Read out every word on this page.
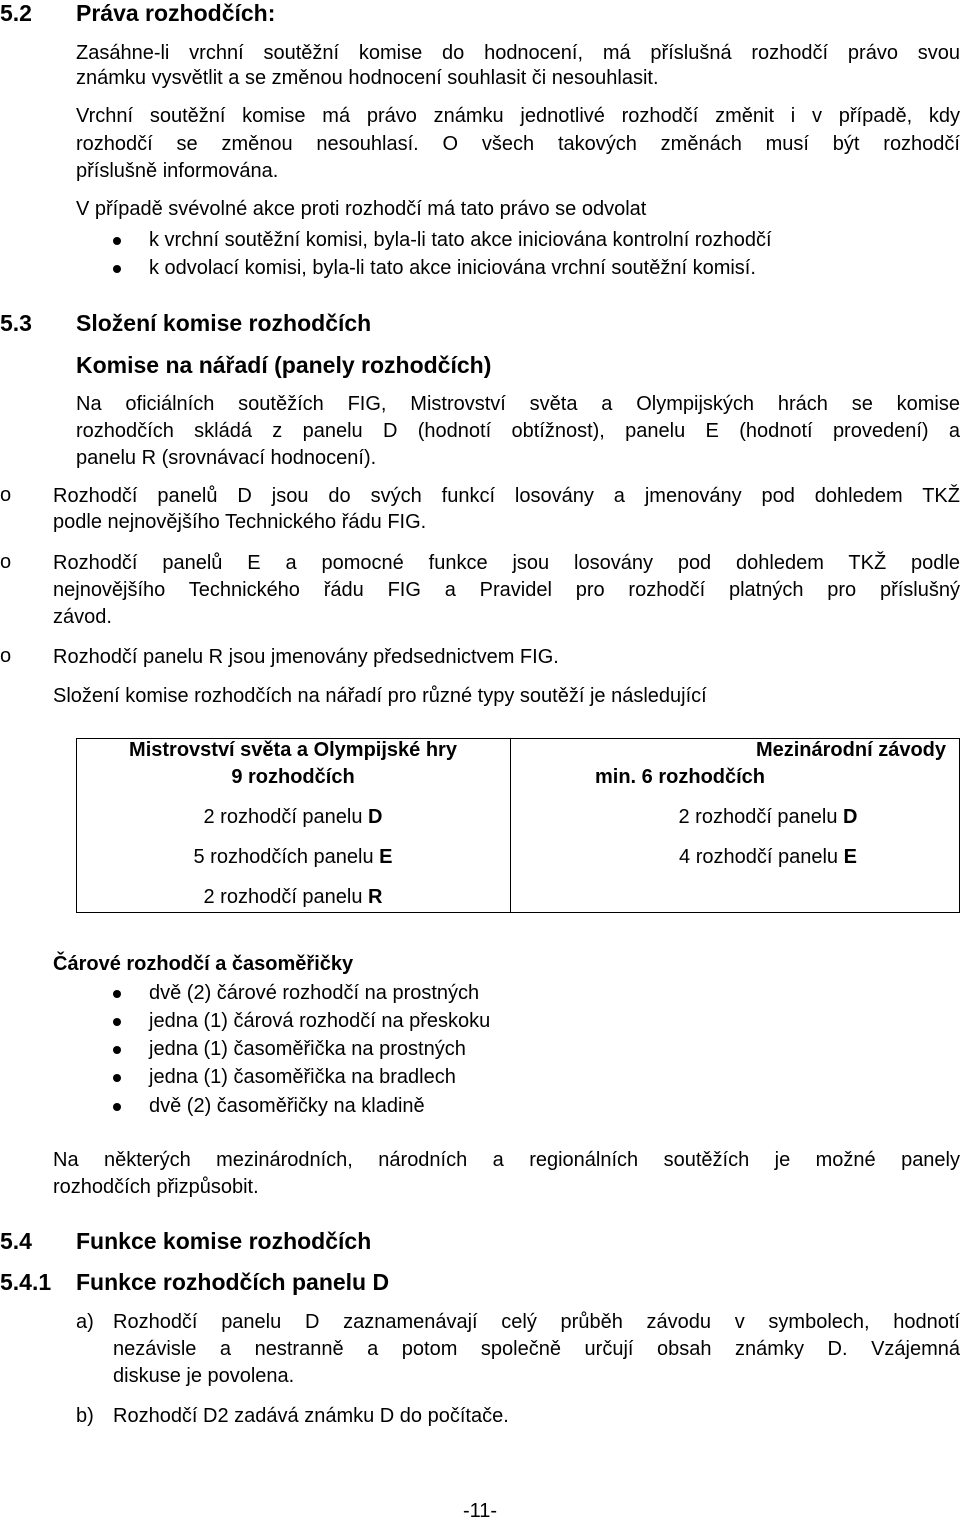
5.2 Práva rozhodčích:
Zasáhne-li vrchní soutěžní komise do hodnocení, má příslušná rozhodčí právo svou
známku vysvětlit a se změnou hodnocení souhlasit či nesouhlasit.
Vrchní soutěžní komise má právo známku jednotlivé rozhodčí změnit i v případě, kdy
rozhodčí se změnou nesouhlasí. O všech takových změnách musí být rozhodčí
příslušně informována.
V případě svévolné akce proti rozhodčí má tato právo se odvolat
k vrchní soutěžní komisi, byla-li tato akce iniciována kontrolní rozhodčí
k odvolací komisi, byla-li tato akce iniciována vrchní soutěžní komisí.
5.3 Složení komise rozhodčích
Komise na nářadí (panely rozhodčích)
Na oficiálních soutěžích FIG, Mistrovství světa a Olympijských hrách se komise
rozhodčích skládá z panelu D (hodnotí obtížnost), panelu E (hodnotí provedení) a
panelu R (srovnávací hodnocení).
o Rozhodčí panelů D jsou do svých funkcí losovány a jmenovány pod dohledem TKŽ
podle nejnovějšího Technického řádu FIG.
o Rozhodčí panelů E a pomocné funkce jsou losovány pod dohledem TKŽ podle
nejnovějšího Technického řádu FIG a Pravidel pro rozhodčí platných pro příslušný
závod.
o Rozhodčí panelu R jsou jmenovány předsednictvem FIG.
Složení komise rozhodčích na nářadí pro různé typy soutěží je následující
Mistrovství světa a Olympijské hry
9 rozhodčích
2 rozhodčí panelu D
5 rozhodčích panelu E
2 rozhodčí panelu R
Mezinárodní závody
min. 6 rozhodčích
2 rozhodčí panelu D
4 rozhodčí panelu E
Čárové rozhodčí a časoměřičky
dvě (2) čárové rozhodčí na prostných
jedna (1) čárová rozhodčí na přeskoku
jedna (1) časoměřička na prostných
jedna (1) časoměřička na bradlech
dvě (2) časoměřičky na kladině
Na některých mezinárodních, národních a regionálních soutěžích je možné panely
rozhodčích přizpůsobit.
5.4 Funkce komise rozhodčích
5.4.1 Funkce rozhodčích panelu D
a) Rozhodčí panelu D zaznamenávají celý průběh závodu v symbolech, hodnotí
nezávisle a nestranně a potom společně určují obsah známky D. Vzájemná
diskuse je povolena.
b) Rozhodčí D2 zadává známku D do počítače.
-11-
